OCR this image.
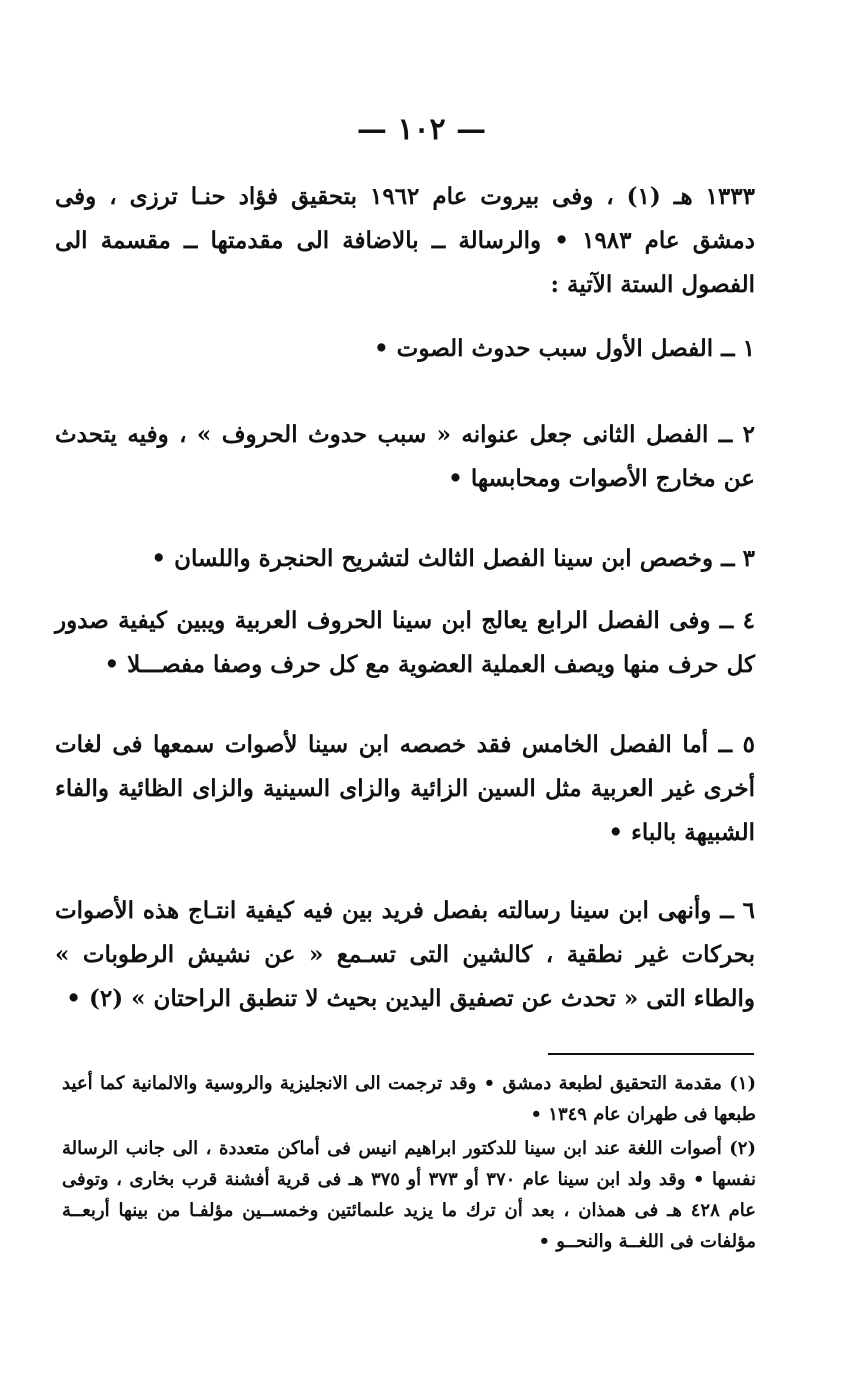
— ١٠٢ —

١٣٣٣ هـ (١) ، وفى بيروت عام ١٩٦٢ بتحقيق فؤاد حنـا ترزى ، وفى دمشق عام ١٩٨٣ • والرسالة ــ بالاضافة الى مقدمتها ــ مقسمة الى الفصول الستة الآتية :

١ ــ الفصل الأول سبب حدوث الصوت •

٢ ــ الفصل الثانى جعل عنوانه « سبب حدوث الحروف » ، وفيه يتحدث عن مخارج الأصوات ومحابسها •

٣ ــ وخصص ابن سينا الفصل الثالث لتشريح الحنجرة واللسان •

٤ ــ وفى الفصل الرابع يعالج ابن سينا الحروف العربية ويبين كيفية صدور كل حرف منها ويصف العملية العضوية مع كل حرف وصفا مفصـــلا •

٥ ــ أما الفصل الخامس فقد خصصه ابن سينا لأصوات سمعها فى لغات أخرى غير العربية مثل السين الزائية والزاى السينية والزاى الظائية والفاء الشبيهة بالباء •

٦ ــ وأنهى ابن سينا رسالته بفصل فريد بين فيه كيفية انتـاج هذه الأصوات بحركات غير نطقية ، كالشين التى تسـمع « عن نشيش الرطوبات » والطاء التى « تحدث عن تصفيق اليدين بحيث لا تنطبق الراحتان » (٢) •

(١) مقدمة التحقيق لطبعة دمشق • وقد ترجمت الى الانجليزية والروسية والالمانية كما أعيد طبعها فى طهران عام ١٣٤٩ •

(٢) أصوات اللغة عند ابن سينا للدكتور ابراهيم انيس فى أماكن متعددة ، الى جانب الرسالة نفسها • وقد ولد ابن سينا عام ٣٧٠ أو ٣٧٣ أو ٣٧٥ هـ فى قرية أفشنة قرب بخارى ، وتوفى عام ٤٢٨ هـ فى همذان ، بعد أن ترك ما يزيد علىمائتين وخمســين مؤلفـا من بينها أربعــة مؤلفات فى اللغــة والنحــو •
